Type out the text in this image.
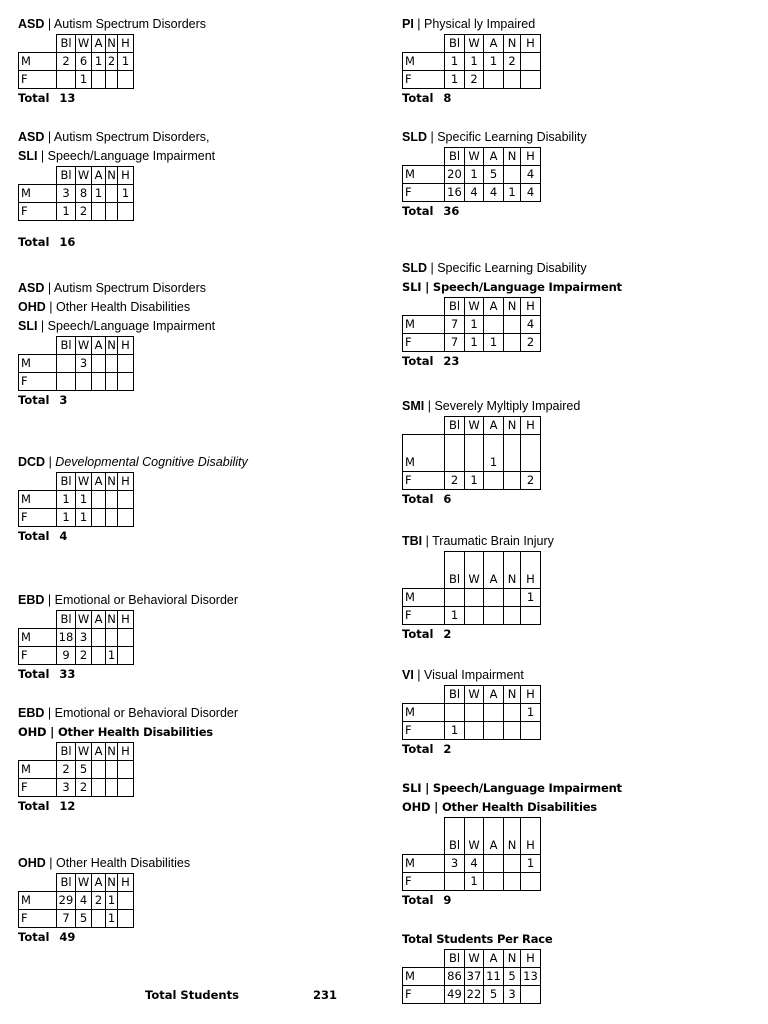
ASD | Autism Spectrum Disorders
	Bl	W	A	N	H
M	2	6	1	2	1
F		1			
Total 13
ASD | Autism Spectrum Disorders,
SLI | Speech/Language Impairment
	Bl	W	A	N	H
M	3	8	1		1
F	1	2			
Total 16
ASD | Autism Spectrum Disorders
OHD | Other Health Disabilities
SLI | Speech/Language Impairment
	Bl	W	A	N	H
M		3			
F					
Total 3
DCD | Developmental Cognitive Disability
	Bl	W	A	N	H
M	1	1			
F	1	1			
Total 4
EBD | Emotional or Behavioral Disorder
	Bl	W	A	N	H
M	18	3			
F	9	2		1	
Total 33
EBD | Emotional or Behavioral Disorder
OHD | Other Health Disabilities
	Bl	W	A	N	H
M	2	5			
F	3	2			
Total 12
OHD | Other Health Disabilities
	Bl	W	A	N	H
M	29	4	2	1	
F	7	5		1	
Total 49
PI | Physical ly Impaired
	Bl	W	A	N	H
M	1	1	1	2	
F	1	2			
Total 8
SLD | Specific Learning Disability
	Bl	W	A	N	H
M	20	1	5		4
F	16	4	4	1	4
Total 36
SLD | Specific Learning Disability
SLI | Speech/Language Impairment
	Bl	W	A	N	H
M	7	1			4
F	7	1	1		2
Total 23
SMI | Severely Myltiply Impaired
	Bl	W	A	N	H
M			1		
F	2	1			2
Total 6
TBI | Traumatic Brain Injury
	Bl	W	A	N	H
M					1
F	1				
Total 2
VI | Visual Impairment
	Bl	W	A	N	H
M					1
F	1				
Total 2
SLI | Speech/Language Impairment
OHD | Other Health Disabilities
	Bl	W	A	N	H
M	3	4			1
F		1			
Total 9
Total Students Per Race
	Bl	W	A	N	H
M	86	37	11	5	13
F	49	22	5	3	
Total Students	231
